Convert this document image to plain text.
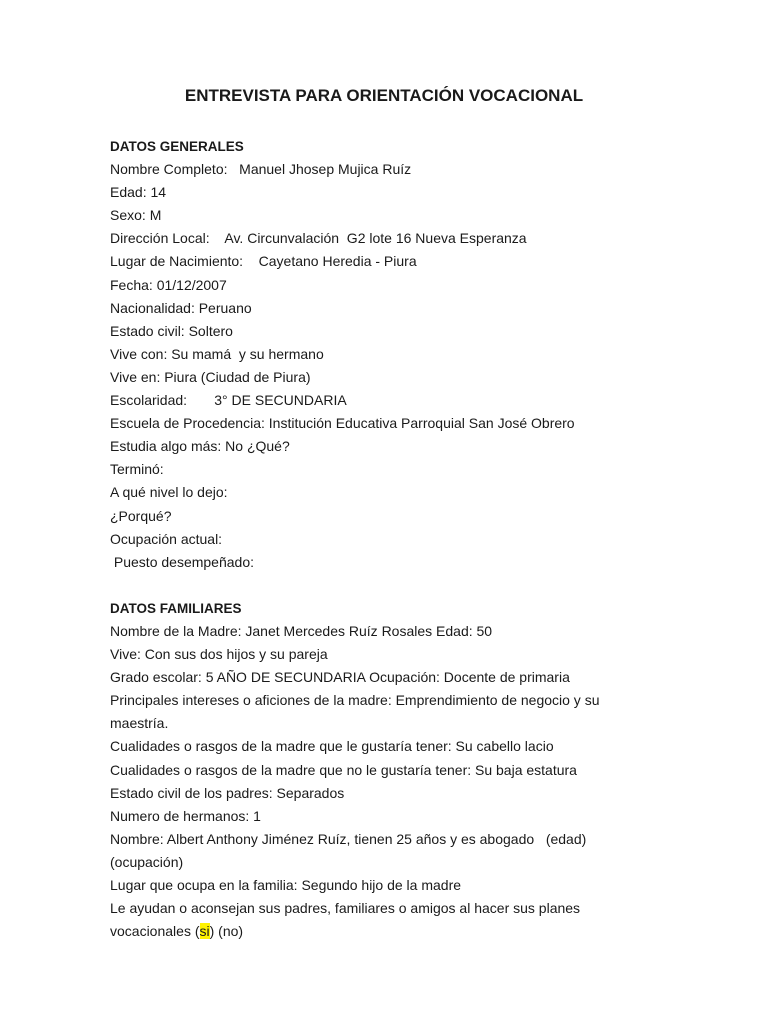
ENTREVISTA PARA ORIENTACIÓN VOCACIONAL
DATOS GENERALES
Nombre Completo:   Manuel Jhosep Mujica Ruíz
Edad: 14
Sexo: M
Dirección Local:    Av. Circunvalación  G2 lote 16 Nueva Esperanza
Lugar de Nacimiento:    Cayetano Heredia - Piura
Fecha: 01/12/2007
Nacionalidad: Peruano
Estado civil: Soltero
Vive con: Su mamá  y su hermano
Vive en: Piura (Ciudad de Piura)
Escolaridad:       3° DE SECUNDARIA
Escuela de Procedencia: Institución Educativa Parroquial San José Obrero
Estudia algo más: No ¿Qué?
Terminó:
A qué nivel lo dejo:
¿Porqué?
Ocupación actual:
Puesto desempeñado:
DATOS FAMILIARES
Nombre de la Madre: Janet Mercedes Ruíz Rosales Edad: 50
Vive: Con sus dos hijos y su pareja
Grado escolar: 5 AÑO DE SECUNDARIA Ocupación: Docente de primaria
Principales intereses o aficiones de la madre: Emprendimiento de negocio y su
maestría.
Cualidades o rasgos de la madre que le gustaría tener: Su cabello lacio
Cualidades o rasgos de la madre que no le gustaría tener: Su baja estatura
Estado civil de los padres: Separados
Numero de hermanos: 1
Nombre: Albert Anthony Jiménez Ruíz, tienen 25 años y es abogado   (edad)
(ocupación)
Lugar que ocupa en la familia: Segundo hijo de la madre
Le ayudan o aconsejan sus padres, familiares o amigos al hacer sus planes
vocacionales (si) (no)
